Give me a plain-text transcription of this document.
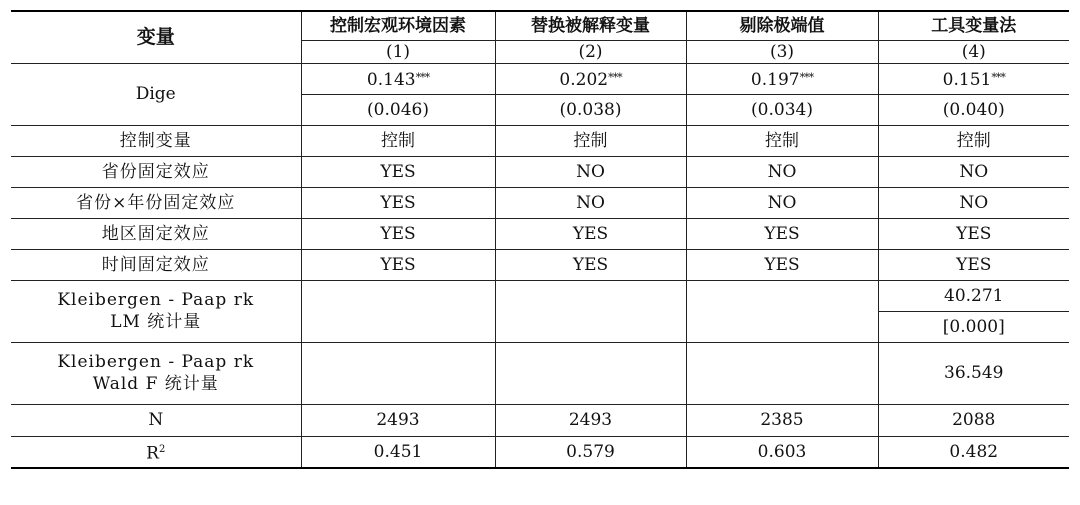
变量	控制宏观环境因素	替换被解释变量	剔除极端值	工具变量法
	(1)	(2)	(3)	(4)
Dige	0.143***	0.202***	0.197***	0.151***
	(0.046)	(0.038)	(0.034)	(0.040)
控制变量	控制	控制	控制	控制
省份固定效应	YES	NO	NO	NO
省份×年份固定效应	YES	NO	NO	NO
地区固定效应	YES	YES	YES	YES
时间固定效应	YES	YES	YES	YES

Kleibergen - Paap rk
LM 统计量				40.271
				[0.000]

Kleibergen - Paap rk
Wald F 统计量				36.549
N	2493	2493	2385	2088
$R^2$	0.451	0.579	0.603	0.482
